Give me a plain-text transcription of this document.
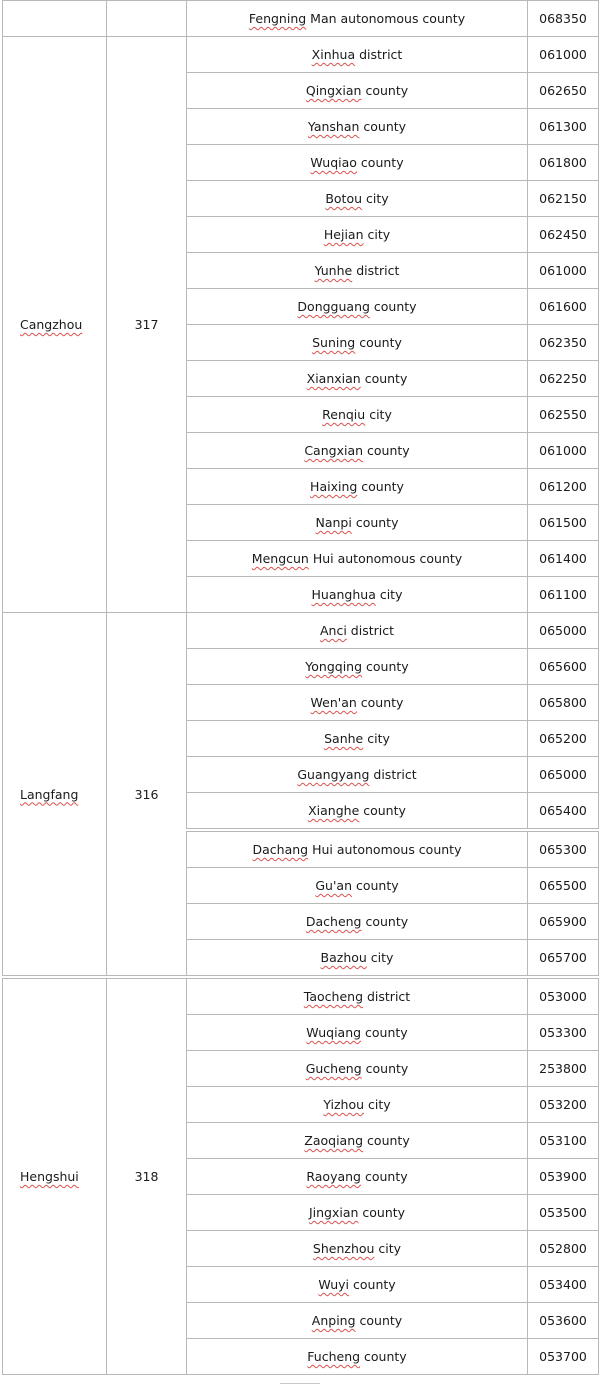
		Fengning Man autonomous county	068350
Cangzhou	317	Xinhua district	061000
		Qingxian county	062650
		Yanshan county	061300
		Wuqiao county	061800
		Botou city	062150
		Hejian city	062450
		Yunhe district	061000
		Dongguang county	061600
		Suning county	062350
		Xianxian county	062250
		Renqiu city	062550
		Cangxian county	061000
		Haixing county	061200
		Nanpi county	061500
		Mengcun Hui autonomous county	061400
		Huanghua city	061100
Langfang	316	Anci district	065000
		Yongqing county	065600
		Wen'an county	065800
		Sanhe city	065200
		Guangyang district	065000
		Xianghe county	065400
		Dachang Hui autonomous county	065300
		Gu'an county	065500
		Dacheng county	065900
		Bazhou city	065700
Hengshui	318	Taocheng district	053000
		Wuqiang county	053300
		Gucheng county	253800
		Yizhou city	053200
		Zaoqiang county	053100
		Raoyang county	053900
		Jingxian county	053500
		Shenzhou city	052800
		Wuyi county	053400
		Anping county	053600
		Fucheng county	053700
